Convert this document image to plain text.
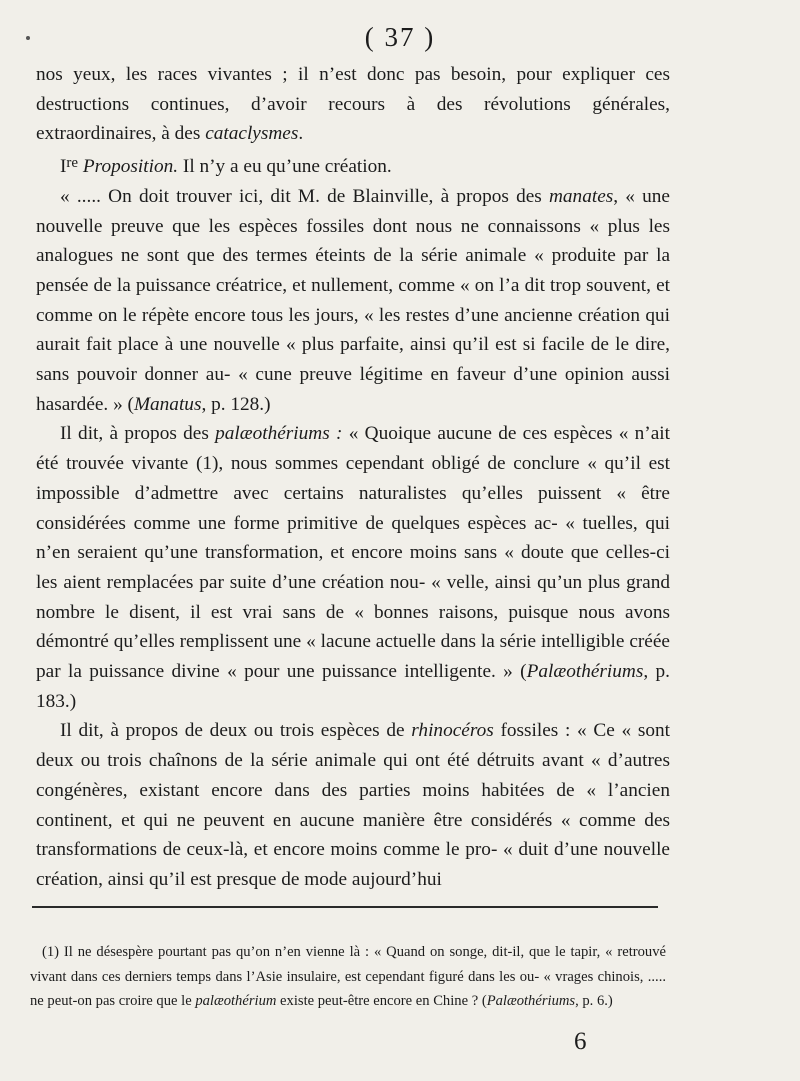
( 37 )

nos yeux, les races vivantes ; il n’est donc pas besoin, pour expliquer ces destructions continues, d’avoir recours à des révolutions générales, extraordinaires, à des cataclysmes.

Ire Proposition. Il n’y a eu qu’une création.

« ..... On doit trouver ici, dit M. de Blainville, à propos des manates, « une nouvelle preuve que les espèces fossiles dont nous ne connaissons « plus les analogues ne sont que des termes éteints de la série animale « produite par la pensée de la puissance créatrice, et nullement, comme « on l’a dit trop souvent, et comme on le répète encore tous les jours, « les restes d’une ancienne création qui aurait fait place à une nouvelle « plus parfaite, ainsi qu’il est si facile de le dire, sans pouvoir donner au- « cune preuve légitime en faveur d’une opinion aussi hasardée. » (Manatus, p. 128.)

Il dit, à propos des palæothériums : « Quoique aucune de ces espèces « n’ait été trouvée vivante (1), nous sommes cependant obligé de conclure « qu’il est impossible d’admettre avec certains naturalistes qu’elles puissent « être considérées comme une forme primitive de quelques espèces ac- « tuelles, qui n’en seraient qu’une transformation, et encore moins sans « doute que celles-ci les aient remplacées par suite d’une création nou- « velle, ainsi qu’un plus grand nombre le disent, il est vrai sans de « bonnes raisons, puisque nous avons démontré qu’elles remplissent une « lacune actuelle dans la série intelligible créée par la puissance divine « pour une puissance intelligente. » (Palæothériums, p. 183.)

Il dit, à propos de deux ou trois espèces de rhinocéros fossiles : « Ce « sont deux ou trois chaînons de la série animale qui ont été détruits avant « d’autres congénères, existant encore dans des parties moins habitées de « l’ancien continent, et qui ne peuvent en aucune manière être considérés « comme des transformations de ceux-là, et encore moins comme le pro- « duit d’une nouvelle création, ainsi qu’il est presque de mode aujourd’hui

(1) Il ne désespère pourtant pas qu’on n’en vienne là : « Quand on songe, dit-il, que le tapir, « retrouvé vivant dans ces derniers temps dans l’Asie insulaire, est cependant figuré dans les ou- « vrages chinois, ..... ne peut-on pas croire que le palæothérium existe peut-être encore en Chine ? (Palæothériums, p. 6.)

6
